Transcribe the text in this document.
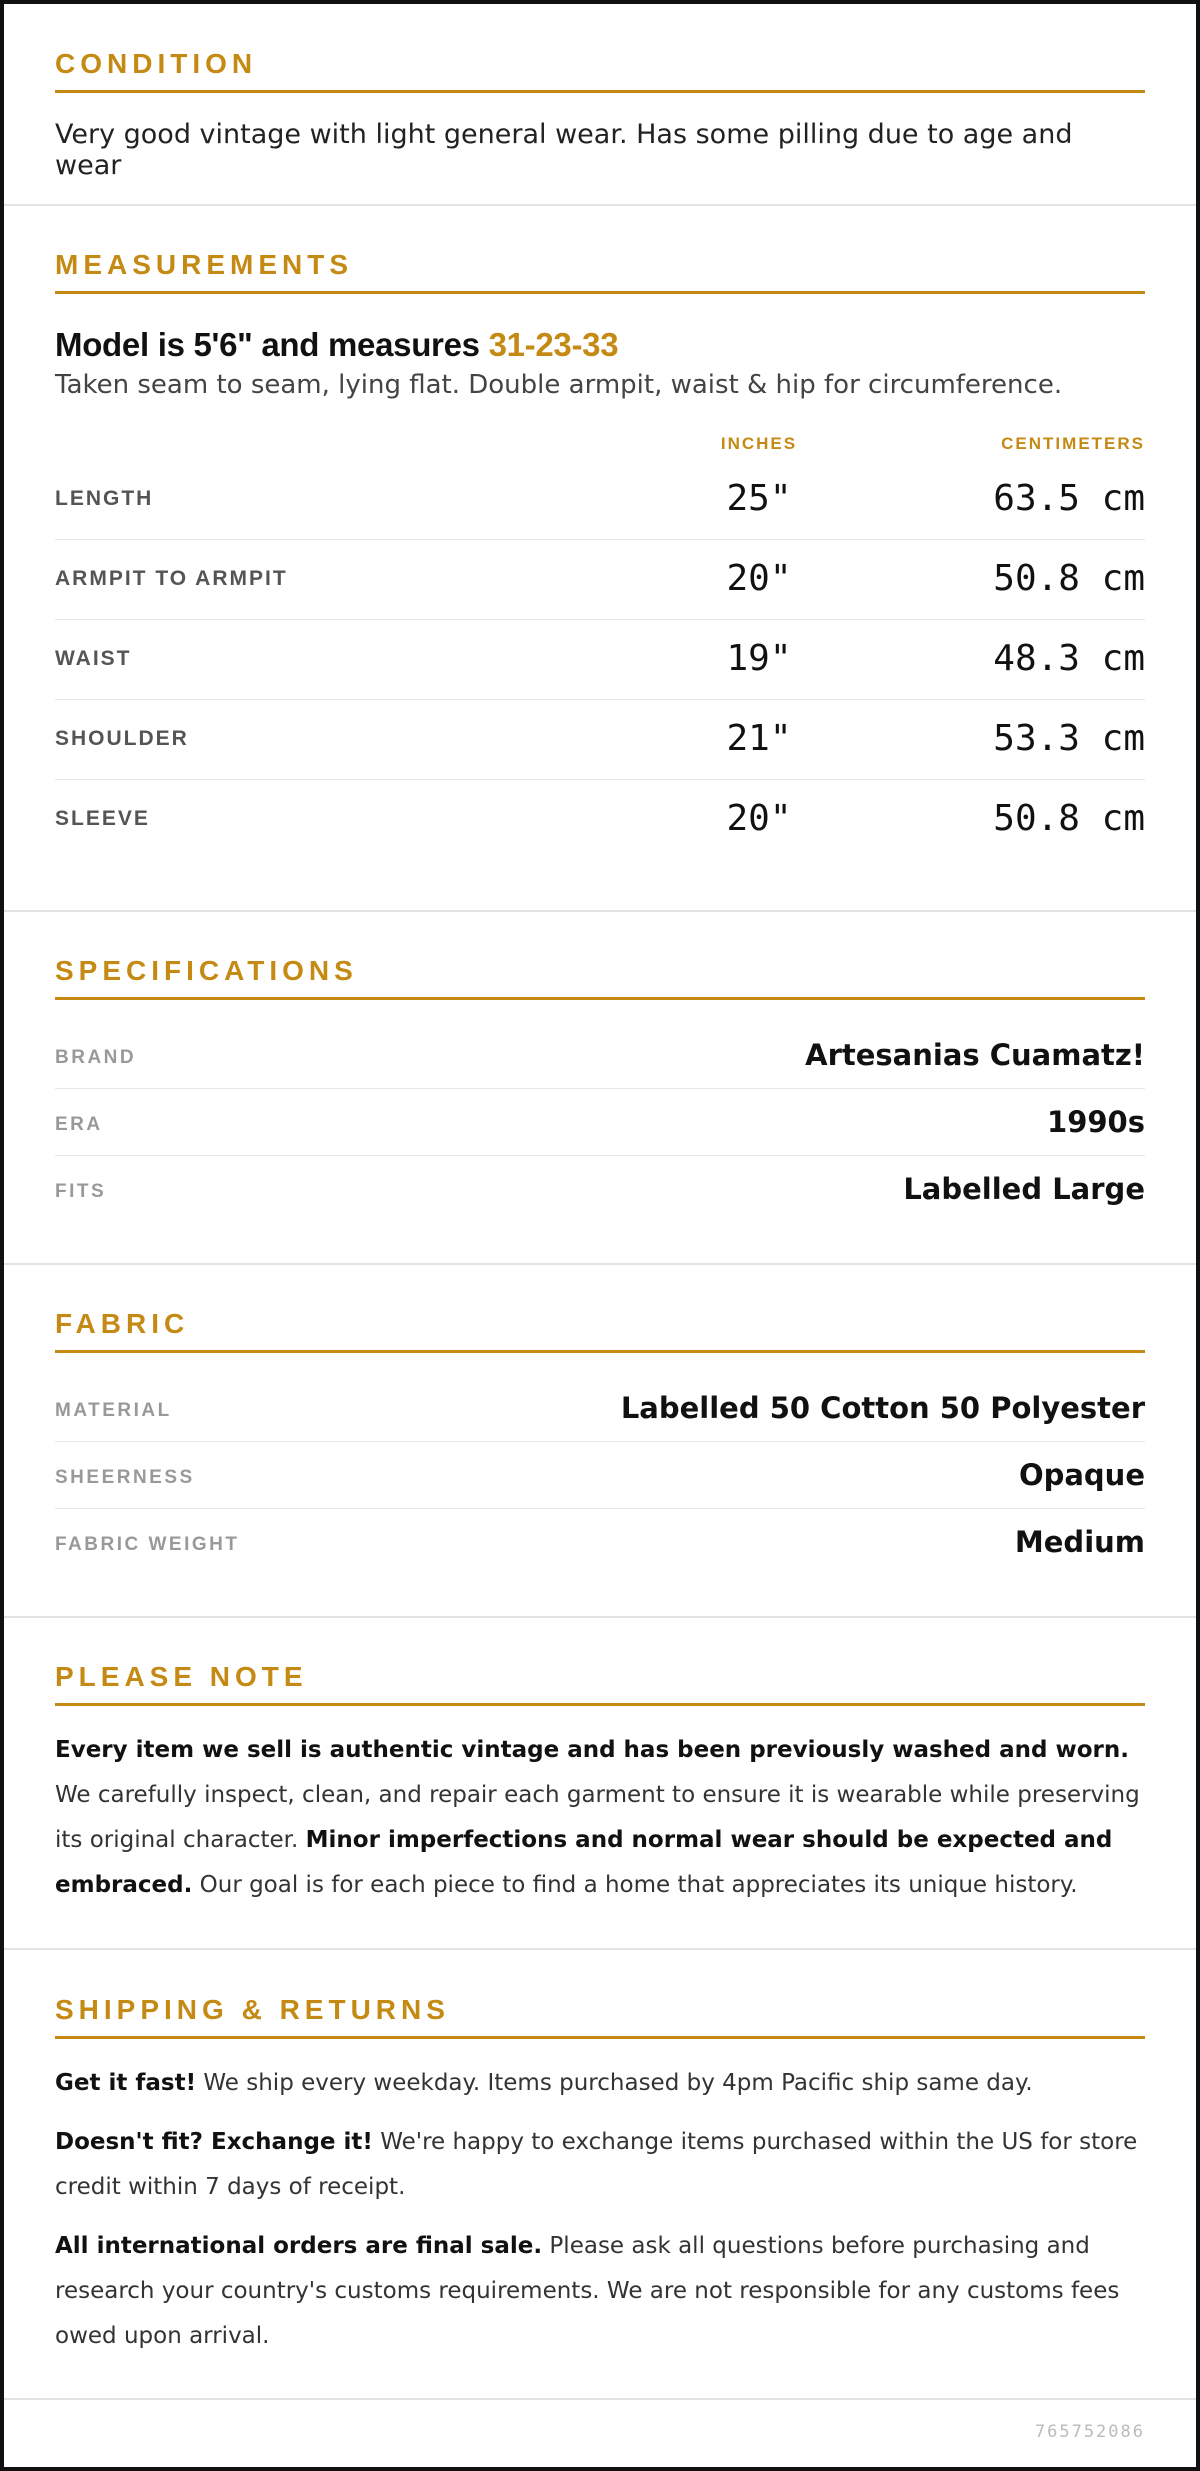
CONDITION
Very good vintage with light general wear. Has some pilling due to age and wear
MEASUREMENTS
Model is 5'6" and measures 31-23-33
Taken seam to seam, lying flat. Double armpit, waist & hip for circumference.
INCHES	CENTIMETERS
LENGTH	25"	63.5 cm
ARMPIT TO ARMPIT	20"	50.8 cm
WAIST	19"	48.3 cm
SHOULDER	21"	53.3 cm
SLEEVE	20"	50.8 cm
SPECIFICATIONS
BRAND	Artesanias Cuamatz!
ERA	1990s
FITS	Labelled Large
FABRIC
MATERIAL	Labelled 50 Cotton 50 Polyester
SHEERNESS	Opaque
FABRIC WEIGHT	Medium
PLEASE NOTE

Every item we sell is authentic vintage and has been previously washed and worn. We carefully inspect, clean, and repair each garment to ensure it is wearable while preserving its original character. Minor imperfections and normal wear should be expected and embraced. Our goal is for each piece to find a home that appreciates its unique history.

SHIPPING & RETURNS

Get it fast! We ship every weekday. Items purchased by 4pm Pacific ship same day.

Doesn't fit? Exchange it! We're happy to exchange items purchased within the US for store credit within 7 days of receipt.

All international orders are final sale. Please ask all questions before purchasing and research your country's customs requirements. We are not responsible for any customs fees owed upon arrival.

765752086
